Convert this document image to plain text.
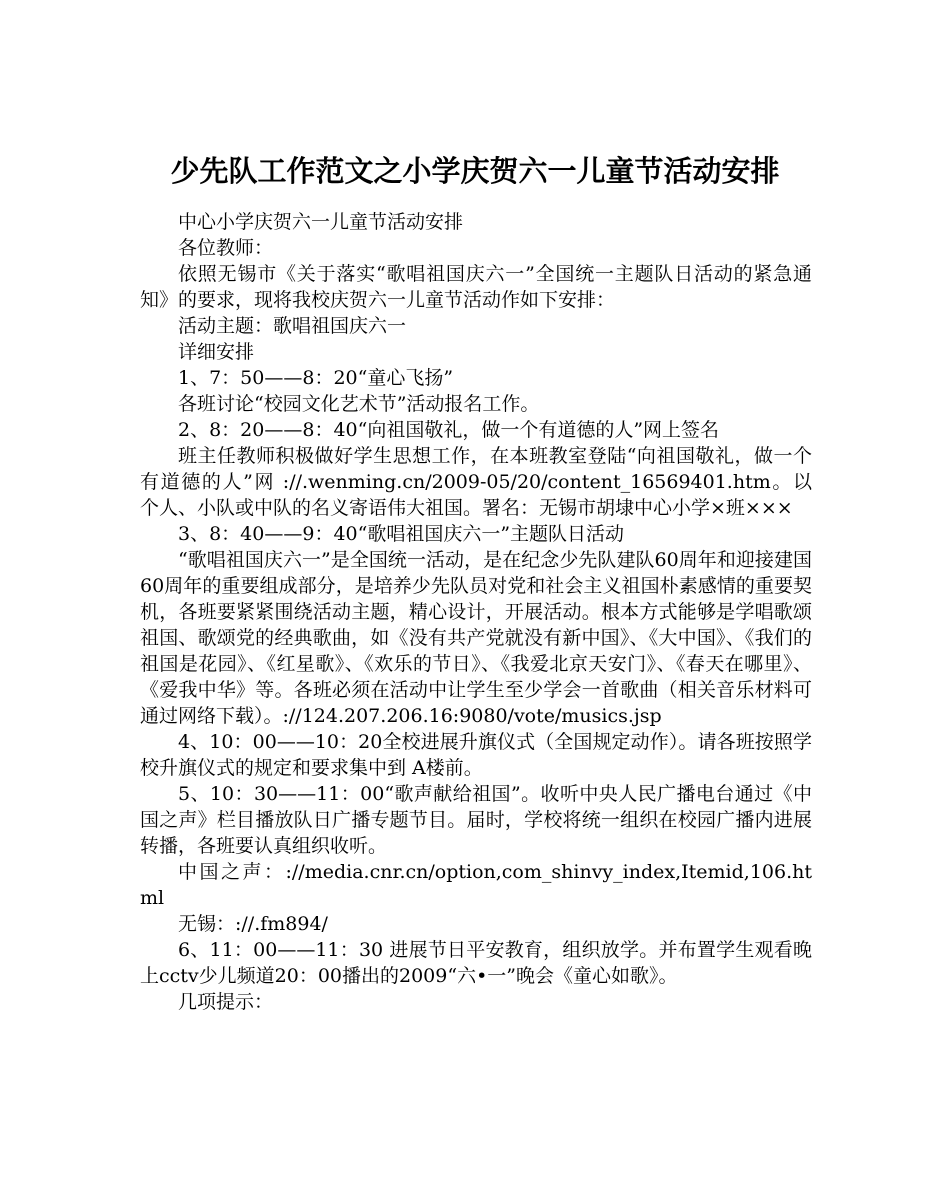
少先队工作范文之小学庆贺六一儿童节活动安排

中心小学庆贺六一儿童节活动安排

各位教师：

依照无锡市《关于落实“歌唱祖国庆六一”全国统一主题队日活动的紧急通知》的要求，现将我校庆贺六一儿童节活动作如下安排：

活动主题：歌唱祖国庆六一

详细安排

1、7：50——8：20“童心飞扬”

各班讨论“校园文化艺术节”活动报名工作。

2、8：20——8：40“向祖国敬礼，做一个有道德的人”网上签名

班主任教师积极做好学生思想工作，在本班教室登陆“向祖国敬礼，做一个有道德的人”网 ://.wenming.cn/2009-05/20/content_16569401.htm。以个人、小队或中队的名义寄语伟大祖国。署名：无锡市胡埭中心小学×班×××

3、8：40——9：40“歌唱祖国庆六一”主题队日活动

“歌唱祖国庆六一”是全国统一活动，是在纪念少先队建队60周年和迎接建国60周年的重要组成部分，是培养少先队员对党和社会主义祖国朴素感情的重要契机，各班要紧紧围绕活动主题，精心设计，开展活动。根本方式能够是学唱歌颂祖国、歌颂党的经典歌曲，如《没有共产党就没有新中国》、《大中国》、《我们的祖国是花园》、《红星歌》、《欢乐的节日》、《我爱北京天安门》、《春天在哪里》、《爱我中华》等。各班必须在活动中让学生至少学会一首歌曲（相关音乐材料可通过网络下载）。://124.207.206.16:9080/vote/musics.jsp

4、10：00——10：20全校进展升旗仪式（全国规定动作）。请各班按照学校升旗仪式的规定和要求集中到 A楼前。

5、10：30——11：00“歌声献给祖国”。收听中央人民广播电台通过《中国之声》栏目播放队日广播专题节目。届时，学校将统一组织在校园广播内进展转播，各班要认真组织收听。

中国之声：://media.cnr.cn/option,com_shinvy_index,Itemid,106.html

无锡：://.fm894/

6、11：00——11：30 进展节日平安教育，组织放学。并布置学生观看晚上cctv少儿频道20：00播出的2009“六•一”晚会《童心如歌》。

几项提示：
